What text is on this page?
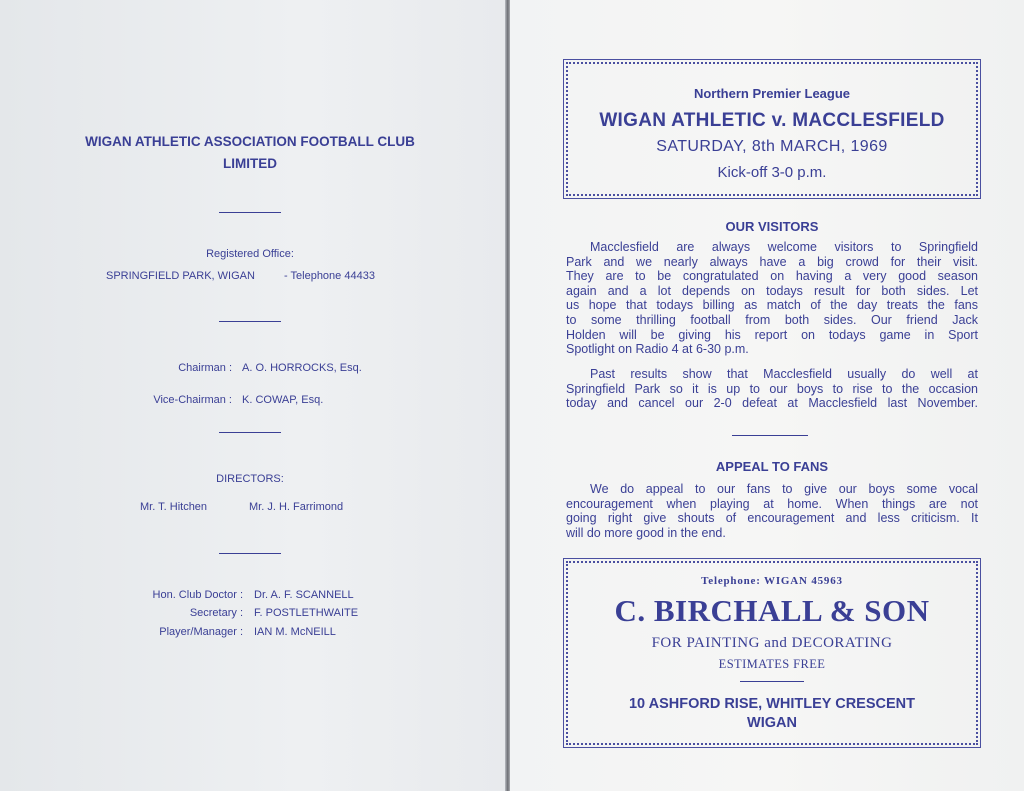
WIGAN ATHLETIC ASSOCIATION FOOTBALL CLUB
LIMITED
Registered Office:
SPRINGFIELD PARK, WIGAN	- Telephone 44433
Chairman : A. O. HORROCKS, Esq.
Vice-Chairman : K. COWAP, Esq.
DIRECTORS:
Mr. T. Hitchen	Mr. J. H. Farrimond
Hon. Club Doctor : Dr. A. F. SCANNELL
Secretary : F. POSTLETHWAITE
Player/Manager : IAN M. McNEILL
Northern Premier League
WIGAN ATHLETIC v. MACCLESFIELD
SATURDAY, 8th MARCH, 1969
Kick-off 3-0 p.m.
OUR VISITORS
Macclesfield are always welcome visitors to Springfield
Park and we nearly always have a big crowd for their visit.
They are to be congratulated on having a very good season
again and a lot depends on todays result for both sides. Let
us hope that todays billing as match of the day treats the fans
to some thrilling football from both sides. Our friend Jack
Holden will be giving his report on todays game in Sport
Spotlight on Radio 4 at 6-30 p.m.
Past results show that Macclesfield usually do well at
Springfield Park so it is up to our boys to rise to the occasion
today and cancel our 2-0 defeat at Macclesfield last November.
APPEAL TO FANS
We do appeal to our fans to give our boys some vocal
encouragement when playing at home. When things are not
going right give shouts of encouragement and less criticism. It
will do more good in the end.
Telephone: WIGAN 45963
C. BIRCHALL & SON
FOR PAINTING and DECORATING
ESTIMATES FREE
10 ASHFORD RISE, WHITLEY CRESCENT
WIGAN
